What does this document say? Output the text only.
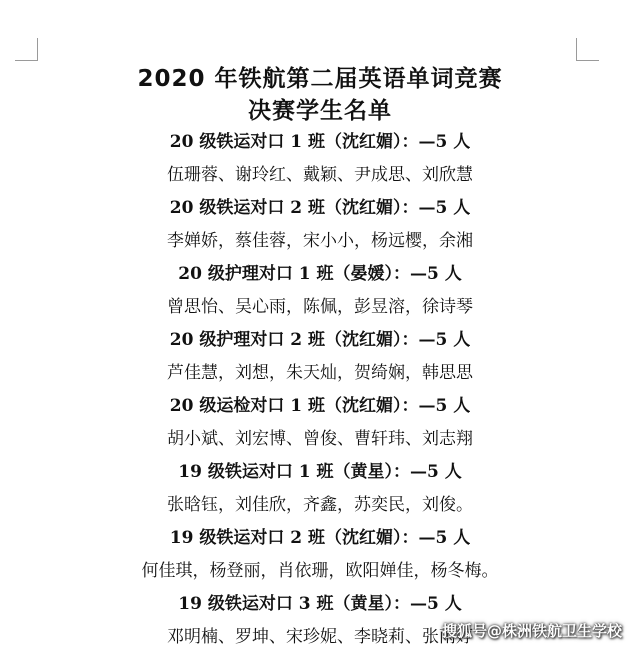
2020 年铁航第二届英语单词竞赛
决赛学生名单
20 级铁运对口 1 班（沈红媚）：—5 人
伍珊蓉、谢玲红、戴颖、尹成思、刘欣慧
20 级铁运对口 2 班（沈红媚）：—5 人
李婵娇，蔡佳蓉，宋小小，杨远樱，余湘
20 级护理对口 1 班（晏媛）：—5 人
曾思怡、吴心雨，陈佩，彭昱溶，徐诗琴
20 级护理对口 2 班（沈红媚）：—5 人
芦佳慧，刘想，朱天灿，贺绮娴，韩思思
20 级运检对口 1 班（沈红媚）：—5 人
胡小斌、刘宏博、曾俊、曹轩玮、刘志翔
19 级铁运对口 1 班（黄星）：—5 人
张晗钰，刘佳欣，齐鑫，苏奕民，刘俊。
19 级铁运对口 2 班（沈红媚）：—5 人
何佳琪，杨登丽，肖依珊，欧阳婵佳，杨冬梅。
19 级铁运对口 3 班（黄星）：—5 人
邓明楠、罗坤、宋珍妮、李晓莉、张雨婷
搜狐号@株洲铁航卫生学校
